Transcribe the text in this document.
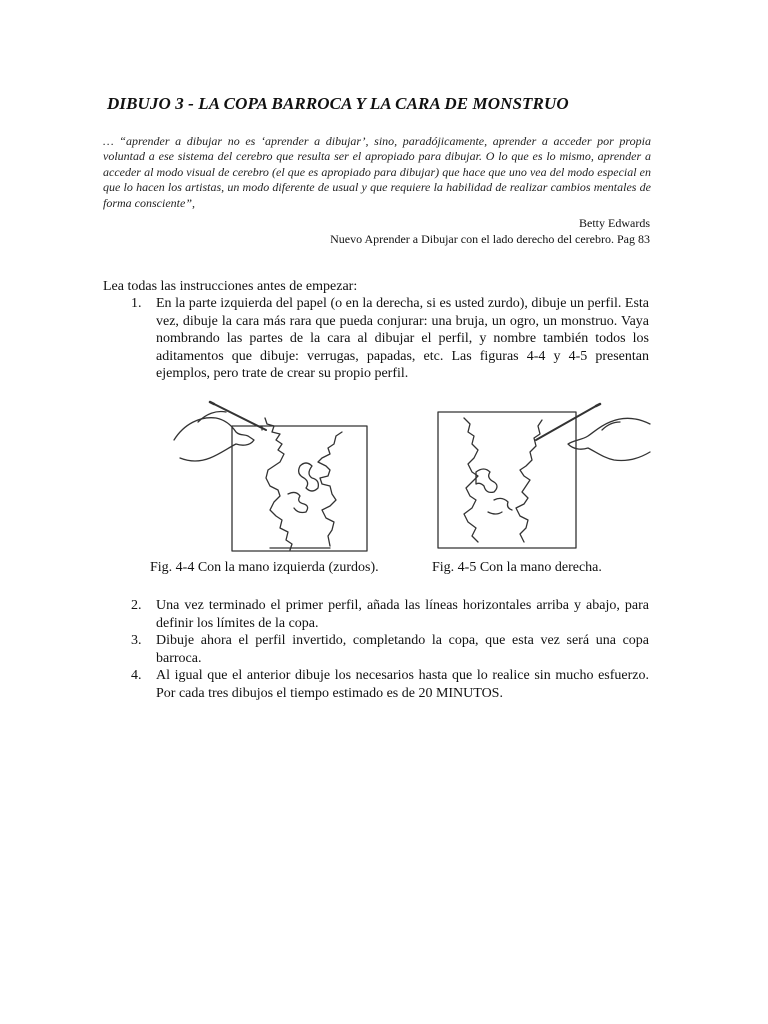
DIBUJO 3 - LA COPA BARROCA Y LA CARA DE MONSTRUO
… “aprender a dibujar no es ‘aprender a dibujar’, sino, paradójicamente, aprender a acceder por propia voluntad a ese sistema del cerebro que resulta ser el apropiado para dibujar. O lo que es lo mismo, aprender a acceder al modo visual de cerebro (el que es apropiado para dibujar) que hace que uno vea del modo especial en que lo hacen los artistas, un modo diferente de usual y que requiere la habilidad de realizar cambios mentales de forma consciente”,
Betty Edwards
Nuevo Aprender a Dibujar con el lado derecho del cerebro. Pag 83
Lea todas las instrucciones antes de empezar:
1. En la parte izquierda del papel (o en la derecha, si es usted zurdo), dibuje un perfil. Esta vez, dibuje la cara más rara que pueda conjurar: una bruja, un ogro, un monstruo. Vaya nombrando las partes de la cara al dibujar el perfil, y nombre también todos los aditamentos que dibuje: verrugas, papadas, etc. Las figuras 4-4 y 4-5 presentan ejemplos, pero trate de crear su propio perfil.
Fig. 4-4 Con la mano izquierda (zurdos).	Fig. 4-5 Con la mano derecha.
2. Una vez terminado el primer perfil, añada las líneas horizontales arriba y abajo, para definir los límites de la copa.
3. Dibuje ahora el perfil invertido, completando la copa, que esta vez será una copa barroca.
4. Al igual que el anterior dibuje los necesarios hasta que lo realice sin mucho esfuerzo. Por cada tres dibujos el tiempo estimado es de 20 MINUTOS.
